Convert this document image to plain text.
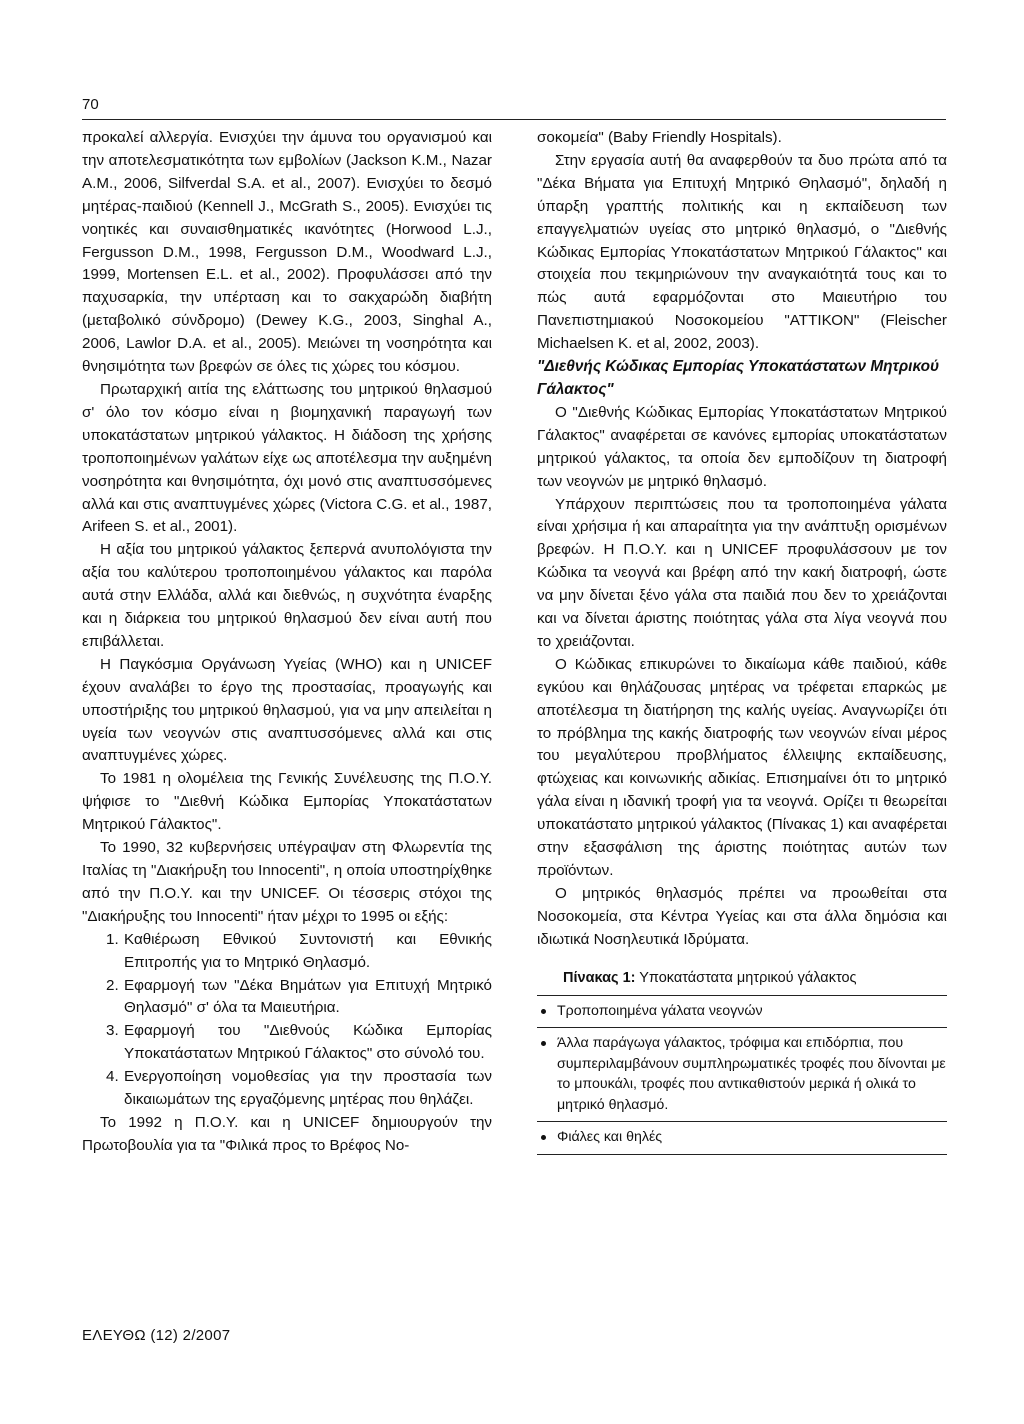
70

προκαλεί αλλεργία. Ενισχύει την άμυνα του οργανισμού και την αποτελεσματικότητα των εμβολίων (Jackson K.M., Nazar A.M., 2006, Silfverdal S.A. et al., 2007). Ενισχύει το δεσμό μητέρας-παιδιού (Kennell J., McGrath S., 2005). Ενισχύει τις νοητικές και συναισθηματικές ικανότητες (Horwood L.J., Fergusson D.M., 1998, Fergusson D.M., Woodward L.J., 1999, Mortensen E.L. et al., 2002). Προφυλάσσει από την παχυσαρκία, την υπέρταση και το σακχαρώδη διαβήτη (μεταβολικό σύνδρομο) (Dewey K.G., 2003, Singhal A., 2006, Lawlor D.A. et al., 2005). Μειώνει τη νοσηρότητα και θνησιμότητα των βρεφών σε όλες τις χώρες του κόσμου.

Πρωταρχική αιτία της ελάττωσης του μητρικού θηλασμού σ' όλο τον κόσμο είναι η βιομηχανική παραγωγή των υποκατάστατων μητρικού γάλακτος. Η διάδοση της χρήσης τροποποιημένων γαλάτων είχε ως αποτέλεσμα την αυξημένη νοσηρότητα και θνησιμότητα, όχι μονό στις αναπτυσσόμενες αλλά και στις αναπτυγμένες χώρες (Victora C.G. et al., 1987, Arifeen S. et al., 2001).

Η αξία του μητρικού γάλακτος ξεπερνά ανυπολόγιστα την αξία του καλύτερου τροποποιημένου γάλακτος και παρόλα αυτά στην Ελλάδα, αλλά και διεθνώς, η συχνότητα έναρξης και η διάρκεια του μητρικού θηλασμού δεν είναι αυτή που επιβάλλεται.

Η Παγκόσμια Οργάνωση Υγείας (WHO) και η UNICEF έχουν αναλάβει το έργο της προστασίας, προαγωγής και υποστήριξης του μητρικού θηλασμού, για να μην απειλείται η υγεία των νεογνών στις αναπτυσσόμενες αλλά και στις αναπτυγμένες χώρες.

Το 1981 η ολομέλεια της Γενικής Συνέλευσης της Π.Ο.Υ. ψήφισε το "Διεθνή Κώδικα Εμπορίας Υποκατάστατων Μητρικού Γάλακτος".

Το 1990, 32 κυβερνήσεις υπέγραψαν στη Φλωρεντία της Ιταλίας τη "Διακήρυξη του Innocenti", η οποία υποστηρίχθηκε από την Π.Ο.Υ. και την UNICEF. Οι τέσσερις στόχοι της "Διακήρυξης του Innocenti" ήταν μέχρι το 1995 οι εξής:

1. Καθιέρωση Εθνικού Συντονιστή και Εθνικής Επιτροπής για το Μητρικό Θηλασμό.
2. Εφαρμογή των "Δέκα Βημάτων για Επιτυχή Μητρικό Θηλασμό" σ' όλα τα Μαιευτήρια.
3. Εφαρμογή του "Διεθνούς Κώδικα Εμπορίας Υποκατάστατων Μητρικού Γάλακτος" στο σύνολό του.
4. Ενεργοποίηση νομοθεσίας για την προστασία των δικαιωμάτων της εργαζόμενης μητέρας που θηλάζει.

Το 1992 η Π.Ο.Υ. και η UNICEF δημιουργούν την Πρωτοβουλία για τα "Φιλικά προς το Βρέφος Νο-

σοκομεία" (Baby Friendly Hospitals).

Στην εργασία αυτή θα αναφερθούν τα δυο πρώτα από τα "Δέκα Βήματα για Επιτυχή Μητρικό Θηλασμό", δηλαδή η ύπαρξη γραπτής πολιτικής και η εκπαίδευση των επαγγελματιών υγείας στο μητρικό θηλασμό, ο "Διεθνής Κώδικας Εμπορίας Υποκατάστατων Μητρικού Γάλακτος" και στοιχεία που τεκμηριώνουν την αναγκαιότητά τους και το πώς αυτά εφαρμόζονται στο Μαιευτήριο του Πανεπιστημιακού Νοσοκομείου "ΑΤΤΙΚΟΝ" (Fleischer Michaelsen K. et al, 2002, 2003).

"Διεθνής Κώδικας Εμπορίας Υποκατάστατων Μητρικού Γάλακτος"

Ο "Διεθνής Κώδικας Εμπορίας Υποκατάστατων Μητρικού Γάλακτος" αναφέρεται σε κανόνες εμπορίας υποκατάστατων μητρικού γάλακτος, τα οποία δεν εμποδίζουν τη διατροφή των νεογνών με μητρικό θηλασμό.

Υπάρχουν περιπτώσεις που τα τροποποιημένα γάλατα είναι χρήσιμα ή και απαραίτητα για την ανάπτυξη ορισμένων βρεφών. Η Π.Ο.Υ. και η UNICEF προφυλάσσουν με τον Κώδικα τα νεογνά και βρέφη από την κακή διατροφή, ώστε να μην δίνεται ξένο γάλα στα παιδιά που δεν το χρειάζονται και να δίνεται άριστης ποιότητας γάλα στα λίγα νεογνά που το χρειάζονται.

Ο Κώδικας επικυρώνει το δικαίωμα κάθε παιδιού, κάθε εγκύου και θηλάζουσας μητέρας να τρέφεται επαρκώς με αποτέλεσμα τη διατήρηση της καλής υγείας. Αναγνωρίζει ότι το πρόβλημα της κακής διατροφής των νεογνών είναι μέρος του μεγαλύτερου προβλήματος έλλειψης εκπαίδευσης, φτώχειας και κοινωνικής αδικίας. Επισημαίνει ότι το μητρικό γάλα είναι η ιδανική τροφή για τα νεογνά. Ορίζει τι θεωρείται υποκατάστατο μητρικού γάλακτος (Πίνακας 1) και αναφέρεται στην εξασφάλιση της άριστης ποιότητας αυτών των προϊόντων.

Ο μητρικός θηλασμός πρέπει να προωθείται στα Νοσοκομεία, στα Κέντρα Υγείας και στα άλλα δημόσια και ιδιωτικά Νοσηλευτικά Ιδρύματα.

Πίνακας 1: Υποκατάστατα μητρικού γάλακτος
Τροποποιημένα γάλατα νεογνών
Άλλα παράγωγα γάλακτος, τρόφιμα και επιδόρπια, που συμπεριλαμβάνουν συμπληρωματικές τροφές που δίνονται με το μπουκάλι, τροφές που αντικαθιστούν μερικά ή ολικά το μητρικό θηλασμό.
Φιάλες και θηλές
ΕΛΕΥΘΩ (12) 2/2007
